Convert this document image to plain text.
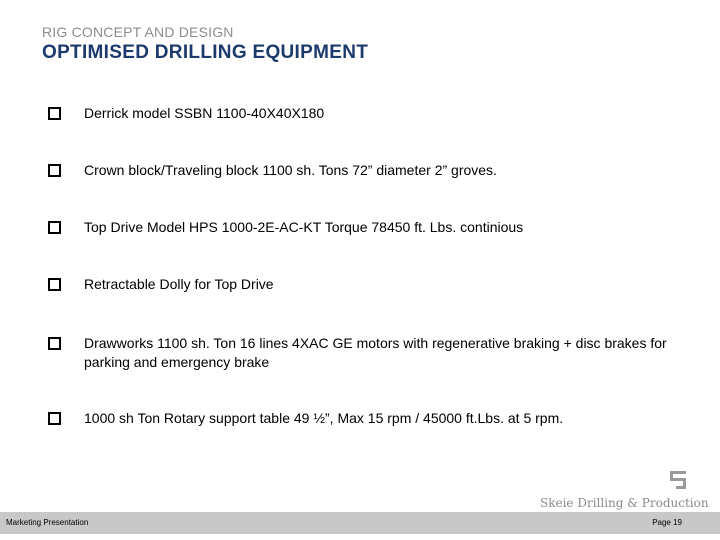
RIG CONCEPT AND DESIGN
OPTIMISED DRILLING EQUIPMENT
Derrick model SSBN 1100-40X40X180
Crown block/Traveling block 1100 sh. Tons 72” diameter 2” groves.
Top Drive Model HPS 1000-2E-AC-KT Torque 78450 ft. Lbs. continious
Retractable Dolly for Top Drive
Drawworks 1100 sh. Ton 16 lines 4XAC GE motors with regenerative braking + disc brakes for parking and emergency brake
1000 sh Ton Rotary support table 49 ½”, Max 15 rpm / 45000 ft.Lbs. at 5 rpm.
Skeie Drilling & Production
Marketing Presentation	Page 19
